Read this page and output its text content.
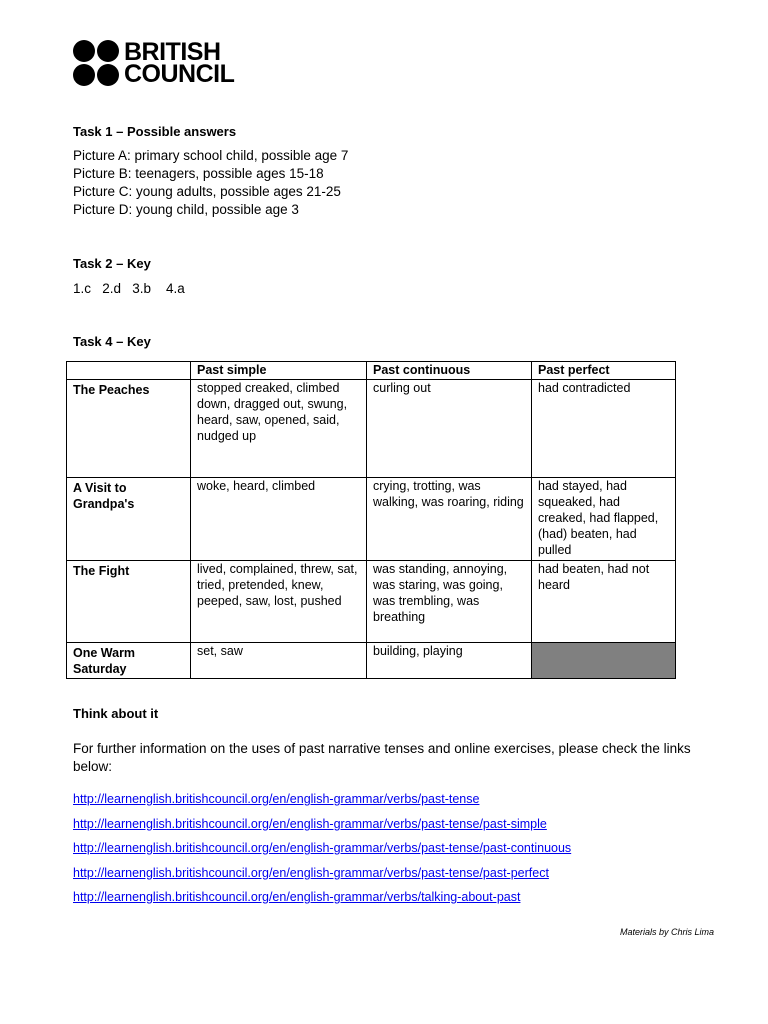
BRITISH
COUNCIL
Task 1 – Possible answers
Picture A: primary school child, possible age 7
Picture B: teenagers, possible ages 15-18
Picture C: young adults, possible ages 21-25
Picture D: young child, possible age 3
Task 2 – Key
1.c   2.d   3.b    4.a
Task 4 – Key
	Past simple	Past continuous	Past perfect
The Peaches	stopped creaked, climbed down, dragged out, swung, heard, saw, opened, said, nudged up	curling out	had contradicted
A Visit to Grandpa's	woke, heard, climbed	crying, trotting, was walking, was roaring, riding	had stayed, had squeaked, had creaked, had flapped, (had) beaten, had pulled
The Fight	lived, complained, threw, sat, tried, pretended, knew, peeped, saw, lost, pushed	was standing, annoying, was staring, was going, was trembling, was breathing	had beaten, had not heard
One Warm Saturday	set, saw	building, playing	
Think about it
For further information on the uses of past narrative tenses and online exercises, please check the links below:
http://learnenglish.britishcouncil.org/en/english-grammar/verbs/past-tense
http://learnenglish.britishcouncil.org/en/english-grammar/verbs/past-tense/past-simple
http://learnenglish.britishcouncil.org/en/english-grammar/verbs/past-tense/past-continuous
http://learnenglish.britishcouncil.org/en/english-grammar/verbs/past-tense/past-perfect
http://learnenglish.britishcouncil.org/en/english-grammar/verbs/talking-about-past
Materials by Chris Lima
